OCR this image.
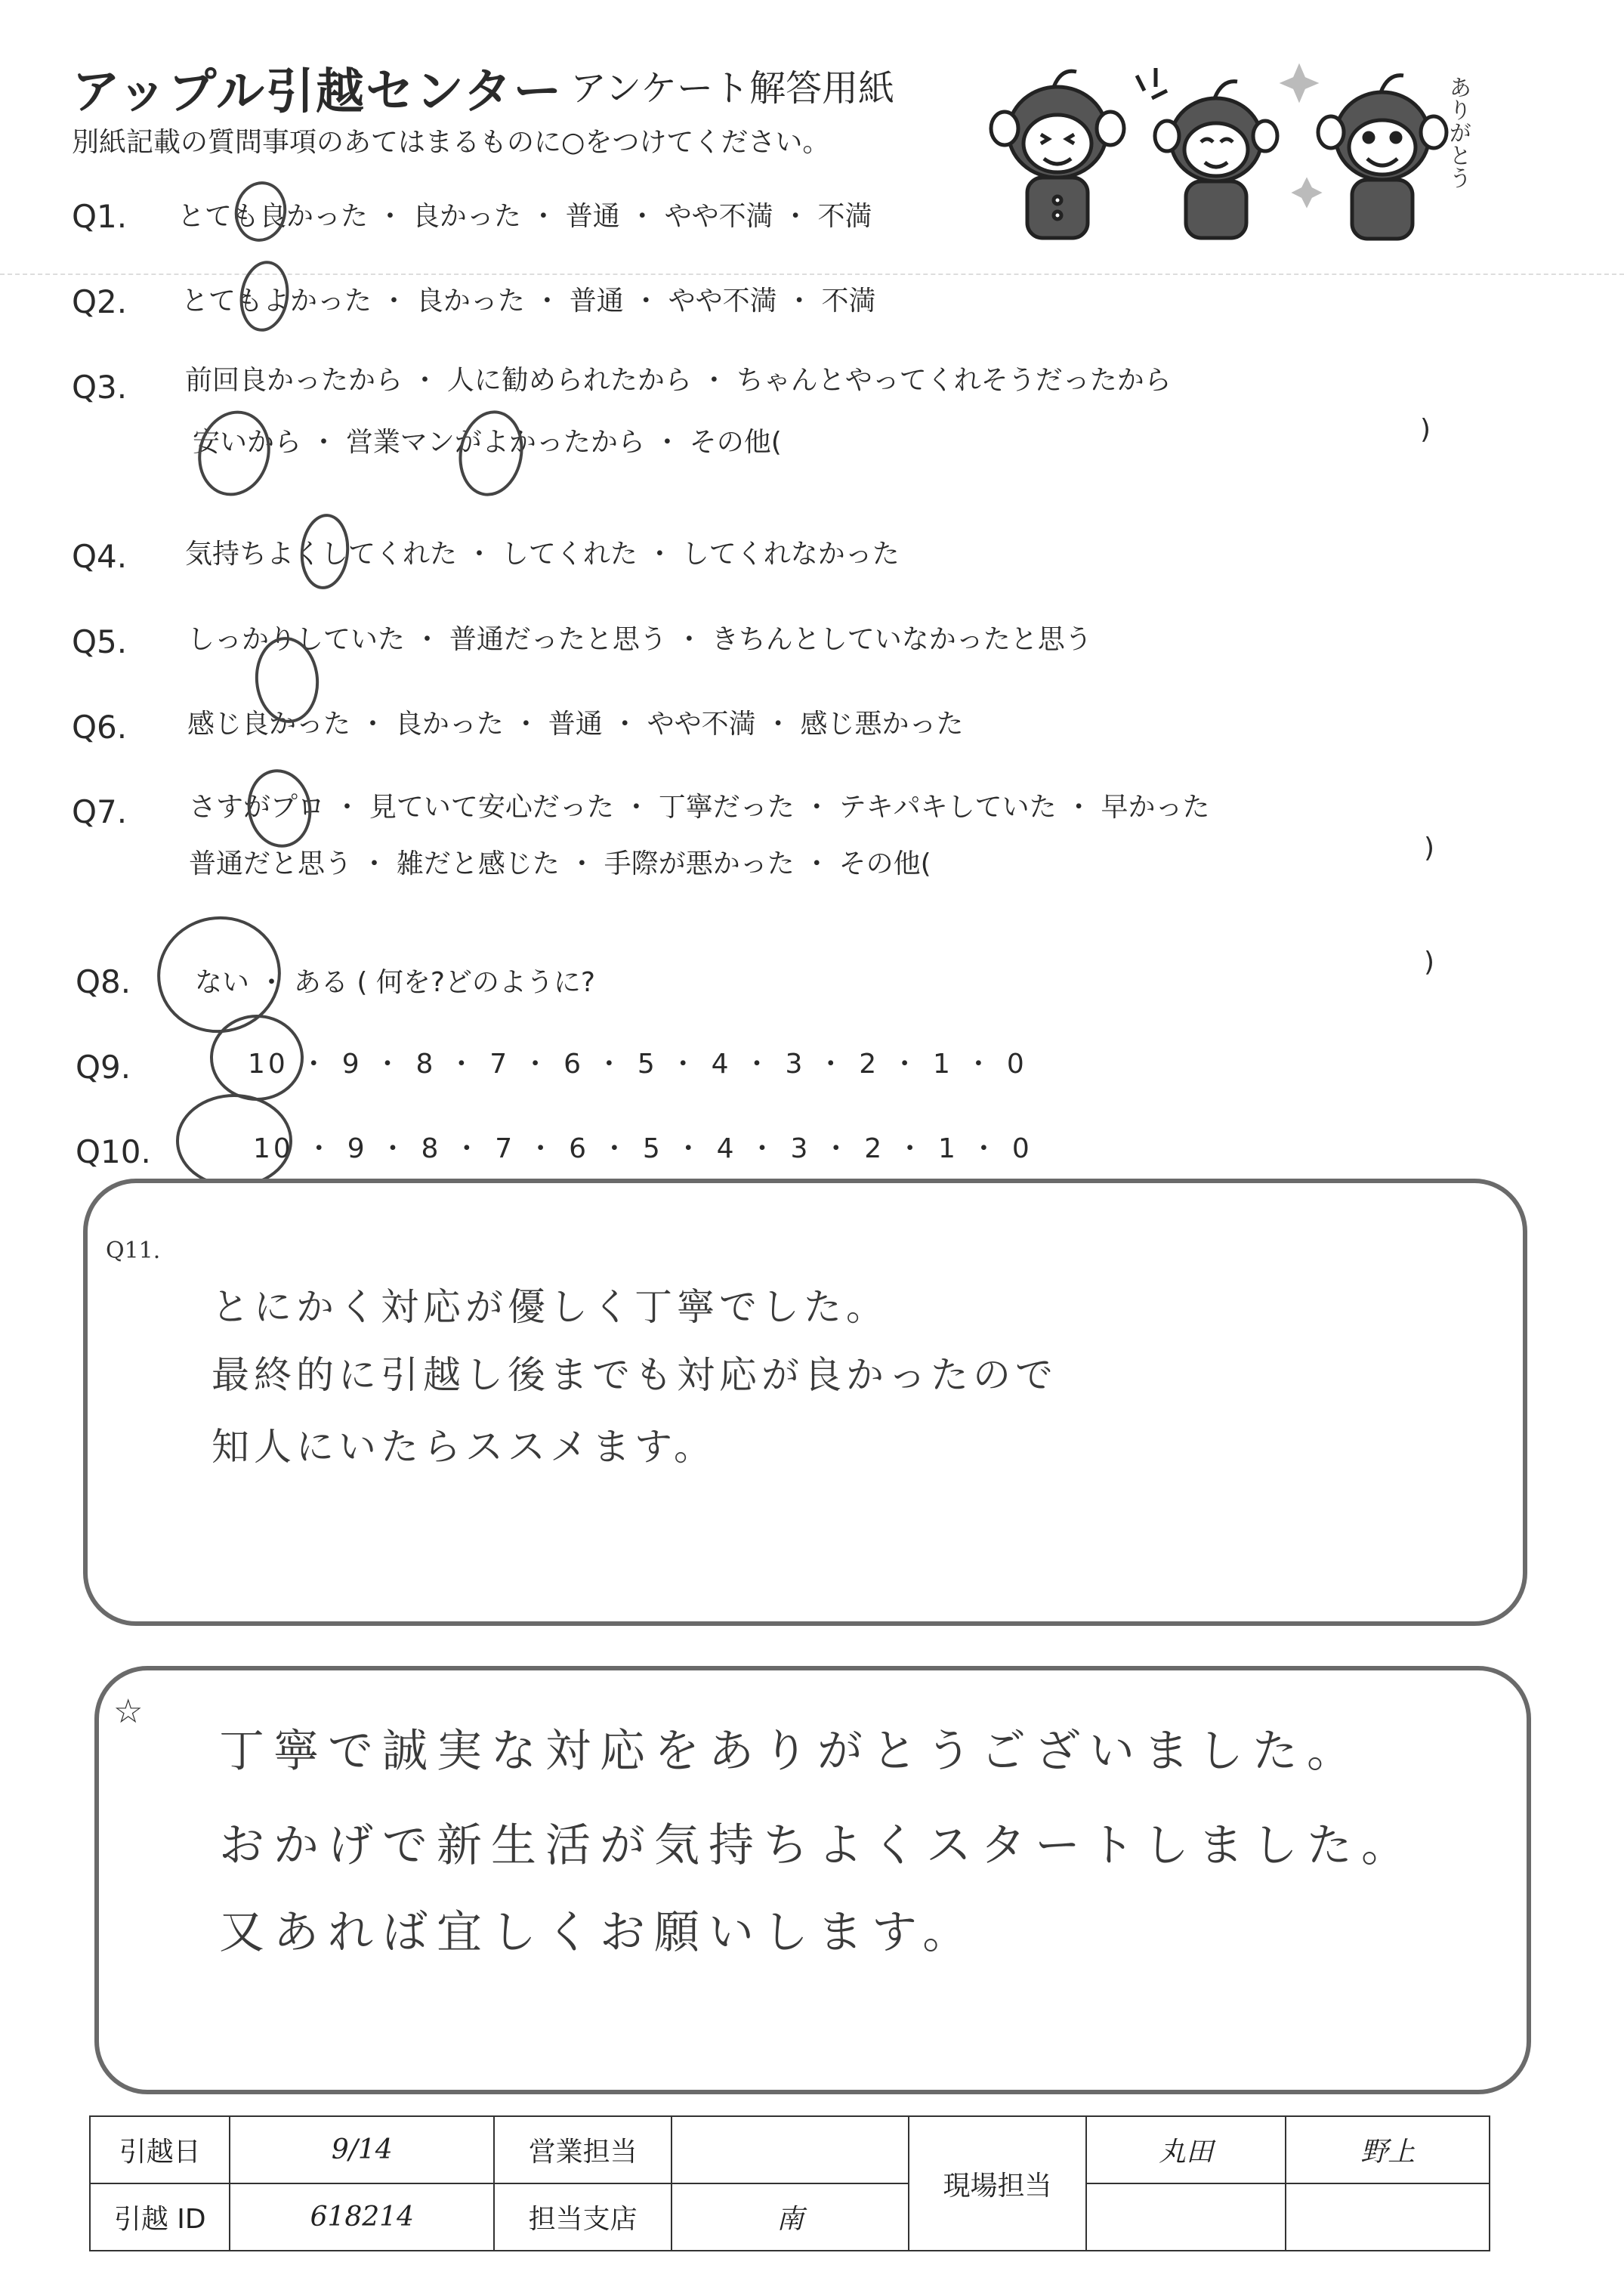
アップル引越センター アンケート解答用紙
別紙記載の質問事項のあてはまるものに○をつけてください。	ありがとう
Q1. とても良かった ・ 良かった ・ 普通 ・ やや不満 ・ 不満
Q2. とてもよかった ・ 良かった ・ 普通 ・ やや不満 ・ 不満
Q3. 前回良かったから ・ 人に勧められたから ・ ちゃんとやってくれそうだったから
安いから ・ 営業マンがよかったから ・ その他(	)
Q4. 気持ちよくしてくれた ・ してくれた ・ してくれなかった
Q5. しっかりしていた ・ 普通だったと思う ・ きちんとしていなかったと思う
Q6. 感じ良かった ・ 良かった ・ 普通 ・ やや不満 ・ 感じ悪かった
Q7. さすがプロ ・ 見ていて安心だった ・ 丁寧だった ・ テキパキしていた ・ 早かった
普通だと思う ・ 雑だと感じた ・ 手際が悪かった ・ その他(
)
Q8. ない ・ ある ( 何を?どのように?
)
Q9.	10 ・ 9 ・ 8 ・ 7 ・ 6 ・ 5 ・ 4 ・ 3 ・ 2 ・ 1 ・ 0
Q10.	10 ・ 9 ・ 8 ・ 7 ・ 6 ・ 5 ・ 4 ・ 3 ・ 2 ・ 1 ・ 0
Q11.
とにかく対応が優しく丁寧でした。
最終的に引越し後までも対応が良かったので
知人にいたらススメます。
☆
丁寧で誠実な対応をありがとうございました。
おかげで新生活が気持ちよくスタートしました。
又あれば宜しくお願いします。
引越日	9/14	営業担当		現場担当	丸田	野上
引越 ID	618214	担当支店	南			
